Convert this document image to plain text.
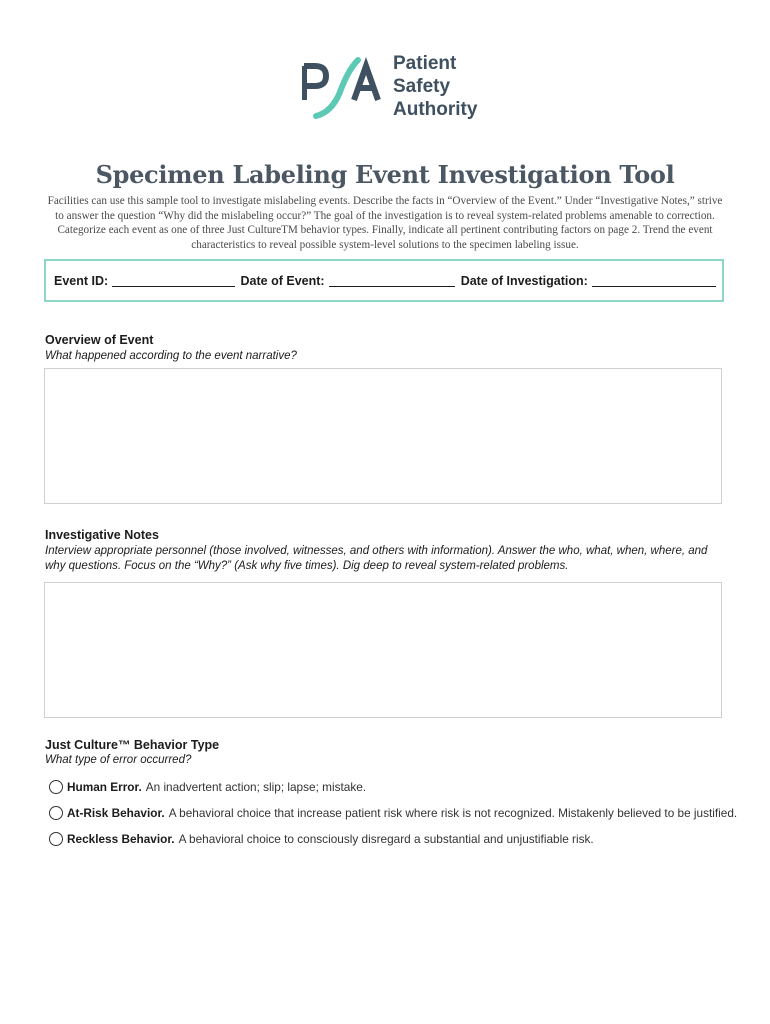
Patient
Safety
Authority
Specimen Labeling Event Investigation Tool

Facilities can use this sample tool to investigate mislabeling events. Describe the facts in “Overview of the Event.” Under “Investigative Notes,” strive to answer the question “Why did the mislabeling occur?” The goal of the investigation is to reveal system-related problems amenable to correction. Categorize each event as one of three Just CultureTM behavior types. Finally, indicate all pertinent contributing factors on page 2. Trend the event characteristics to reveal possible system-level solutions to the specimen labeling issue.

Event ID:	Date of Event:	Date of Investigation:
Overview of Event
What happened according to the event narrative?
Investigative Notes
Interview appropriate personnel (those involved, witnesses, and others with information). Answer the who, what, when, where, and why questions. Focus on the “Why?” (Ask why five times). Dig deep to reveal system-related problems.
Just Culture™ Behavior Type
What type of error occurred?
Human Error. An inadvertent action; slip; lapse; mistake.
At-Risk Behavior. A behavioral choice that increase patient risk where risk is not recognized. Mistakenly believed to be justified.
Reckless Behavior. A behavioral choice to consciously disregard a substantial and unjustifiable risk.
